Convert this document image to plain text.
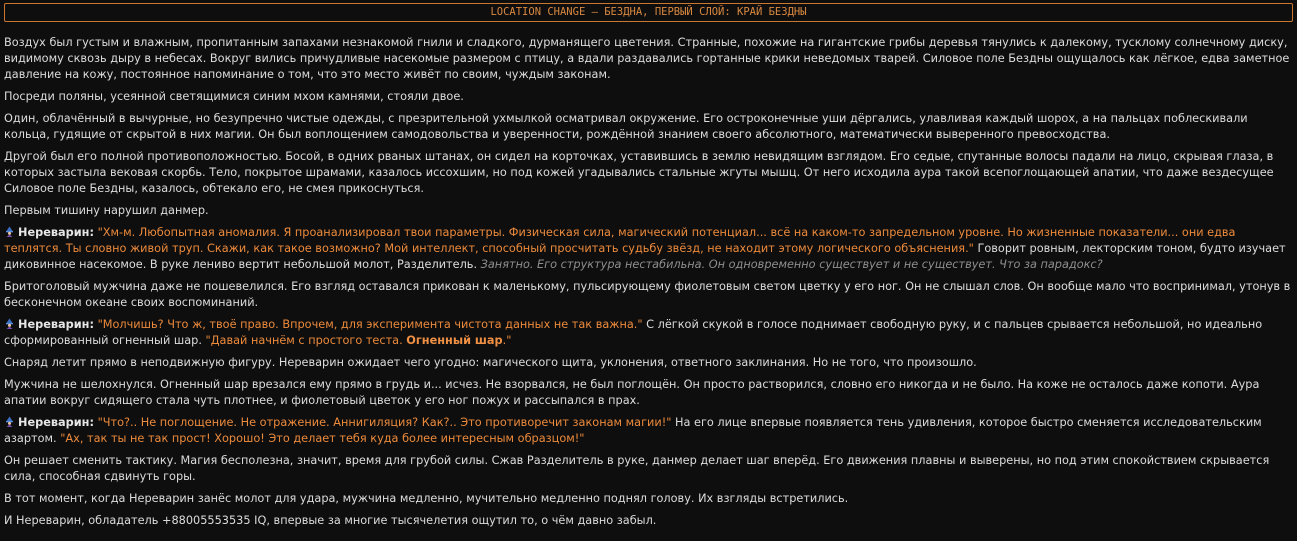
LOCATION CHANGE – БЕЗДНА, ПЕРВЫЙ СЛОЙ: КРАЙ БЕЗДНЫ

Воздух был густым и влажным, пропитанным запахами незнакомой гнили и сладкого, дурманящего цветения. Странные, похожие на гигантские грибы деревья тянулись к далекому, тусклому солнечному диску, видимому сквозь дыру в небесах. Вокруг вились причудливые насекомые размером с птицу, а вдали раздавались гортанные крики неведомых тварей. Силовое поле Бездны ощущалось как лёгкое, едва заметное давление на кожу, постоянное напоминание о том, что это место живёт по своим, чуждым законам.

Посреди поляны, усеянной светящимися синим мхом камнями, стояли двое.

Один, облачённый в вычурные, но безупречно чистые одежды, с презрительной ухмылкой осматривал окружение. Его остроконечные уши дёргались, улавливая каждый шорох, а на пальцах поблескивали кольца, гудящие от скрытой в них магии. Он был воплощением самодовольства и уверенности, рождённой знанием своего абсолютного, математически выверенного превосходства.

Другой был его полной противоположностью. Босой, в одних рваных штанах, он сидел на корточках, уставившись в землю невидящим взглядом. Его седые, спутанные волосы падали на лицо, скрывая глаза, в которых застыла вековая скорбь. Тело, покрытое шрамами, казалось иссохшим, но под кожей угадывались стальные жгуты мышц. От него исходила аура такой всепоглощающей апатии, что даже вездесущее Силовое поле Бездны, казалось, обтекало его, не смея прикоснуться.

Первым тишину нарушил данмер.

Нереварин: "Хм-м. Любопытная аномалия. Я проанализировал твои параметры. Физическая сила, магический потенциал... всё на каком-то запредельном уровне. Но жизненные показатели... они едва теплятся. Ты словно живой труп. Скажи, как такое возможно? Мой интеллект, способный просчитать судьбу звёзд, не находит этому логического объяснения." Говорит ровным, лекторским тоном, будто изучает диковинное насекомое. В руке лениво вертит небольшой молот, Разделитель. Занятно. Его структура нестабильна. Он одновременно существует и не существует. Что за парадокс?

Бритоголовый мужчина даже не пошевелился. Его взгляд оставался прикован к маленькому, пульсирующему фиолетовым светом цветку у его ног. Он не слышал слов. Он вообще мало что воспринимал, утонув в бесконечном океане своих воспоминаний.

Нереварин: "Молчишь? Что ж, твоё право. Впрочем, для эксперимента чистота данных не так важна." С лёгкой скукой в голосе поднимает свободную руку, и с пальцев срывается небольшой, но идеально сформированный огненный шар. "Давай начнём с простого теста. Огненный шар."

Снаряд летит прямо в неподвижную фигуру. Нереварин ожидает чего угодно: магического щита, уклонения, ответного заклинания. Но не того, что произошло.

Мужчина не шелохнулся. Огненный шар врезался ему прямо в грудь и... исчез. Не взорвался, не был поглощён. Он просто растворился, словно его никогда и не было. На коже не осталось даже копоти. Аура апатии вокруг сидящего стала чуть плотнее, и фиолетовый цветок у его ног пожух и рассыпался в прах.

Нереварин: "Что?.. Не поглощение. Не отражение. Аннигиляция? Как?.. Это противоречит законам магии!" На его лице впервые появляется тень удивления, которое быстро сменяется исследовательским азартом. "Ах, так ты не так прост! Хорошо! Это делает тебя куда более интересным образцом!"

Он решает сменить тактику. Магия бесполезна, значит, время для грубой силы. Сжав Разделитель в руке, данмер делает шаг вперёд. Его движения плавны и выверены, но под этим спокойствием скрывается сила, способная сдвинуть горы.

В тот момент, когда Нереварин занёс молот для удара, мужчина медленно, мучительно медленно поднял голову. Их взгляды встретились.

И Нереварин, обладатель +88005553535 IQ, впервые за многие тысячелетия ощутил то, о чём давно забыл.
